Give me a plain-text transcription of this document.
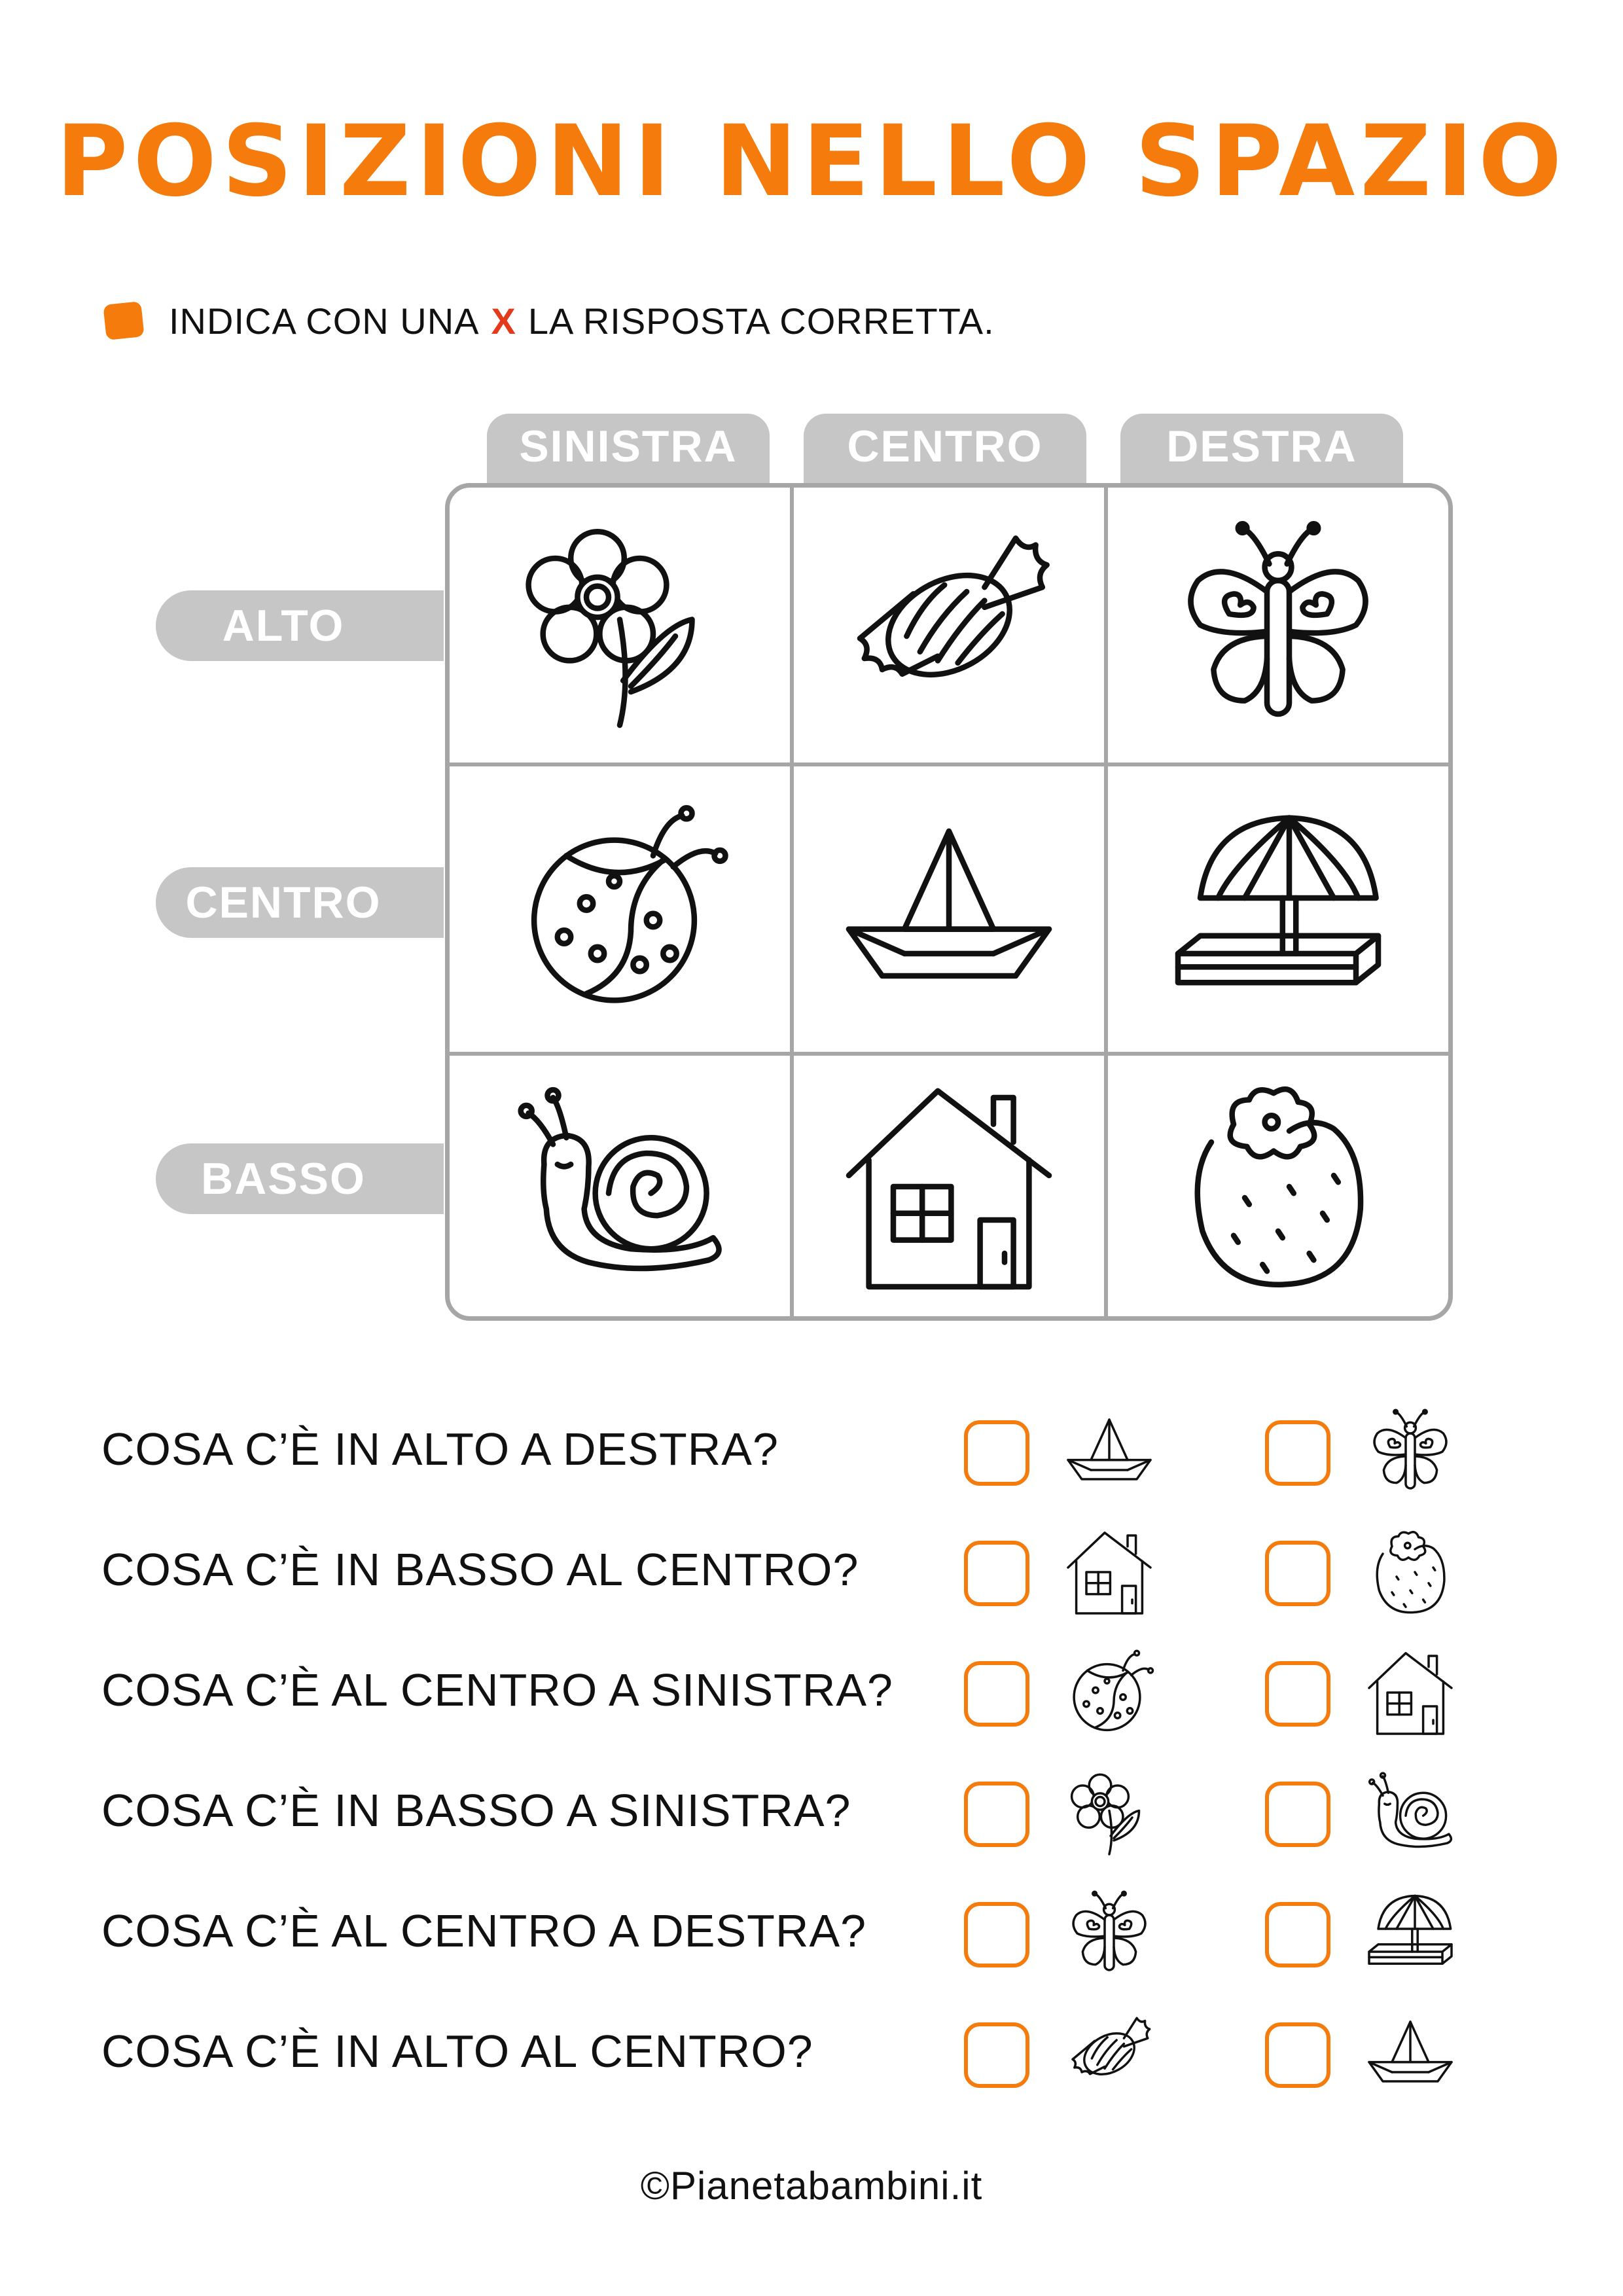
POSIZIONI NELLO SPAZIO
INDICA CON UNA X LA RISPOSTA CORRETTA.
SINISTRA	CENTRO	DESTRA
ALTO
CENTRO
BASSO
COSA C’È IN ALTO A DESTRA?
COSA C’È IN BASSO AL CENTRO?
COSA C’È AL CENTRO A SINISTRA?
COSA C’È IN BASSO A SINISTRA?
COSA C’È AL CENTRO A DESTRA?
COSA C’È IN ALTO AL CENTRO?
©Pianetabambini.it
